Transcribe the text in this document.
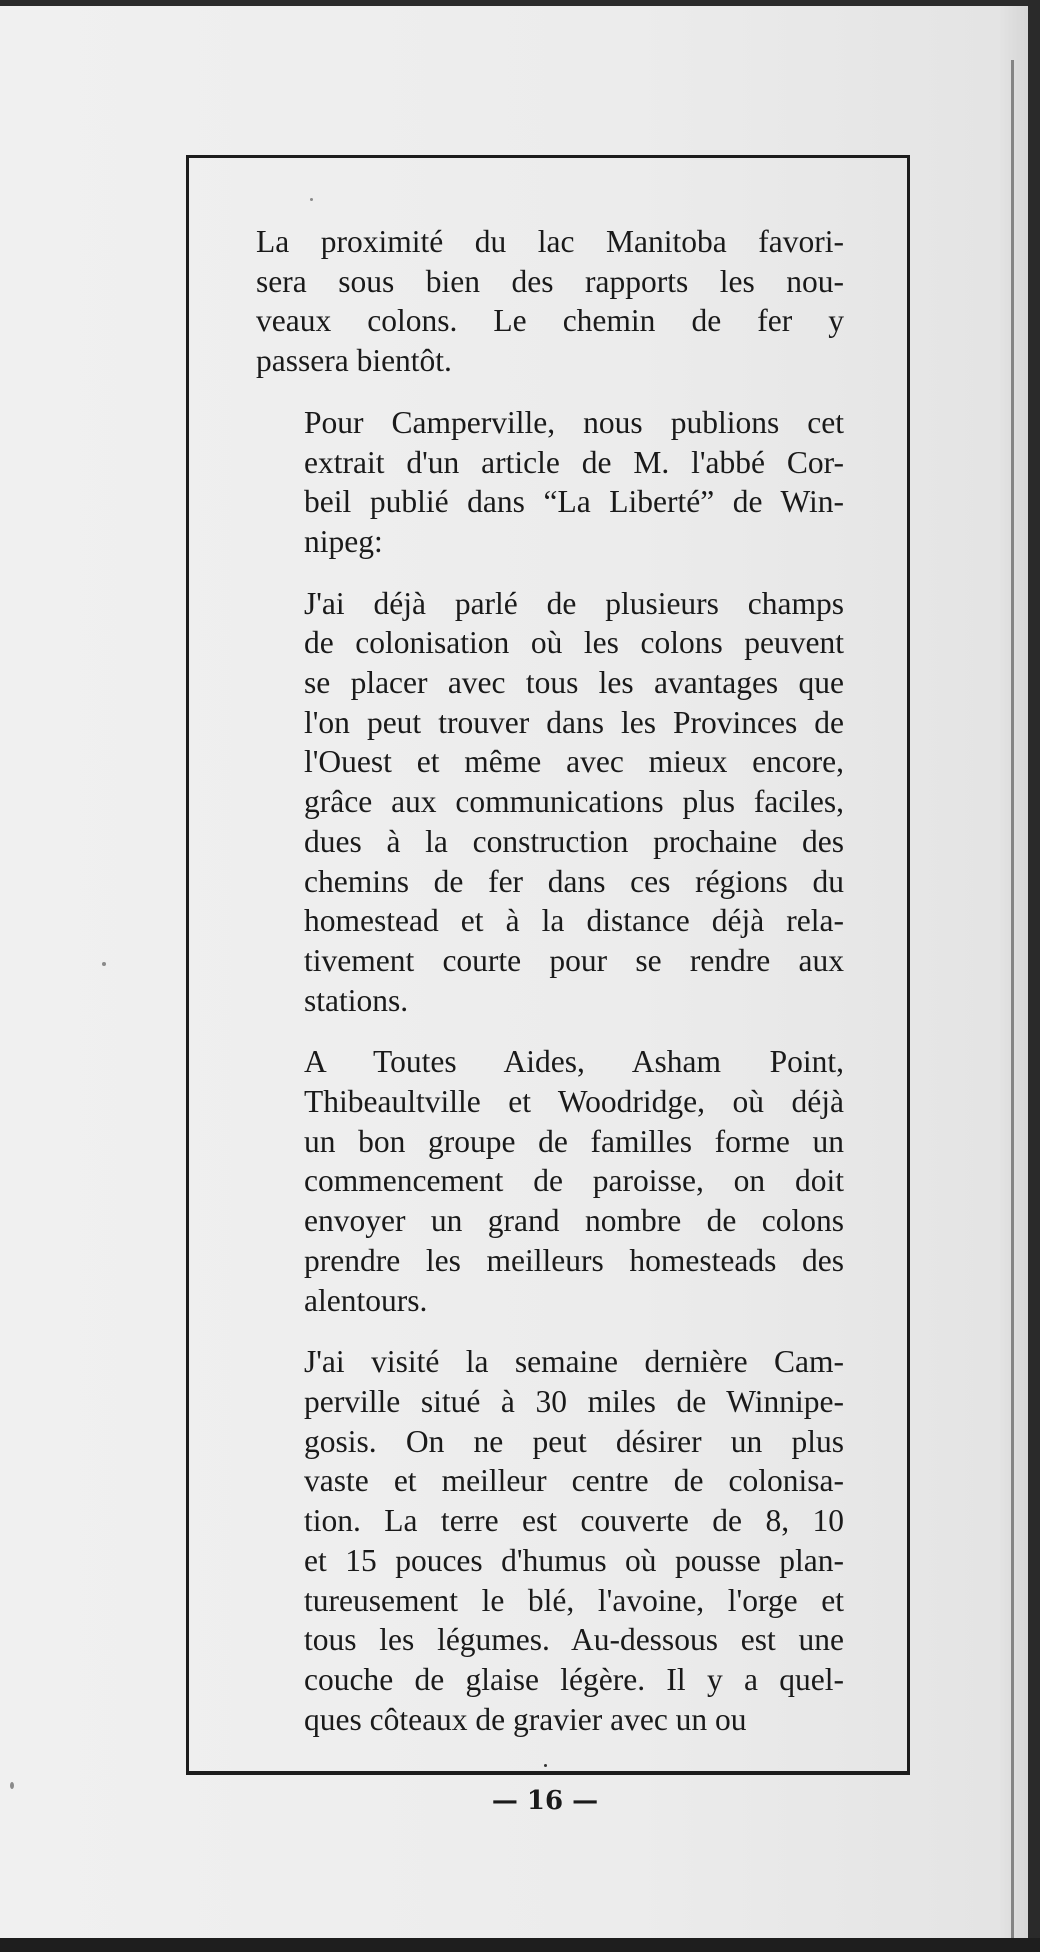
La proximité du lac Manitoba favori-
sera sous bien des rapports les nou-
veaux colons. Le chemin de fer y
passera bientôt.

Pour Camperville, nous publions cet
extrait d'un article de M. l'abbé Cor-
beil publié dans “La Liberté” de Win-
nipeg:

J'ai déjà parlé de plusieurs champs
de colonisation où les colons peuvent
se placer avec tous les avantages que
l'on peut trouver dans les Provinces de
l'Ouest et même avec mieux encore,
grâce aux communications plus faciles,
dues à la construction prochaine des
chemins de fer dans ces régions du
homestead et à la distance déjà rela-
tivement courte pour se rendre aux
stations.

A Toutes Aides, Asham Point,
Thibeaultville et Woodridge, où déjà
un bon groupe de familles forme un
commencement de paroisse, on doit
envoyer un grand nombre de colons
prendre les meilleurs homesteads des
alentours.

J'ai visité la semaine dernière Cam-
perville situé à 30 miles de Winnipe-
gosis. On ne peut désirer un plus
vaste et meilleur centre de colonisa-
tion. La terre est couverte de 8, 10
et 15 pouces d'humus où pousse plan-
tureusement le blé, l'avoine, l'orge et
tous les légumes. Au-dessous est une
couche de glaise légère. Il y a quel-
ques côteaux de gravier avec un ou

— 16 —
